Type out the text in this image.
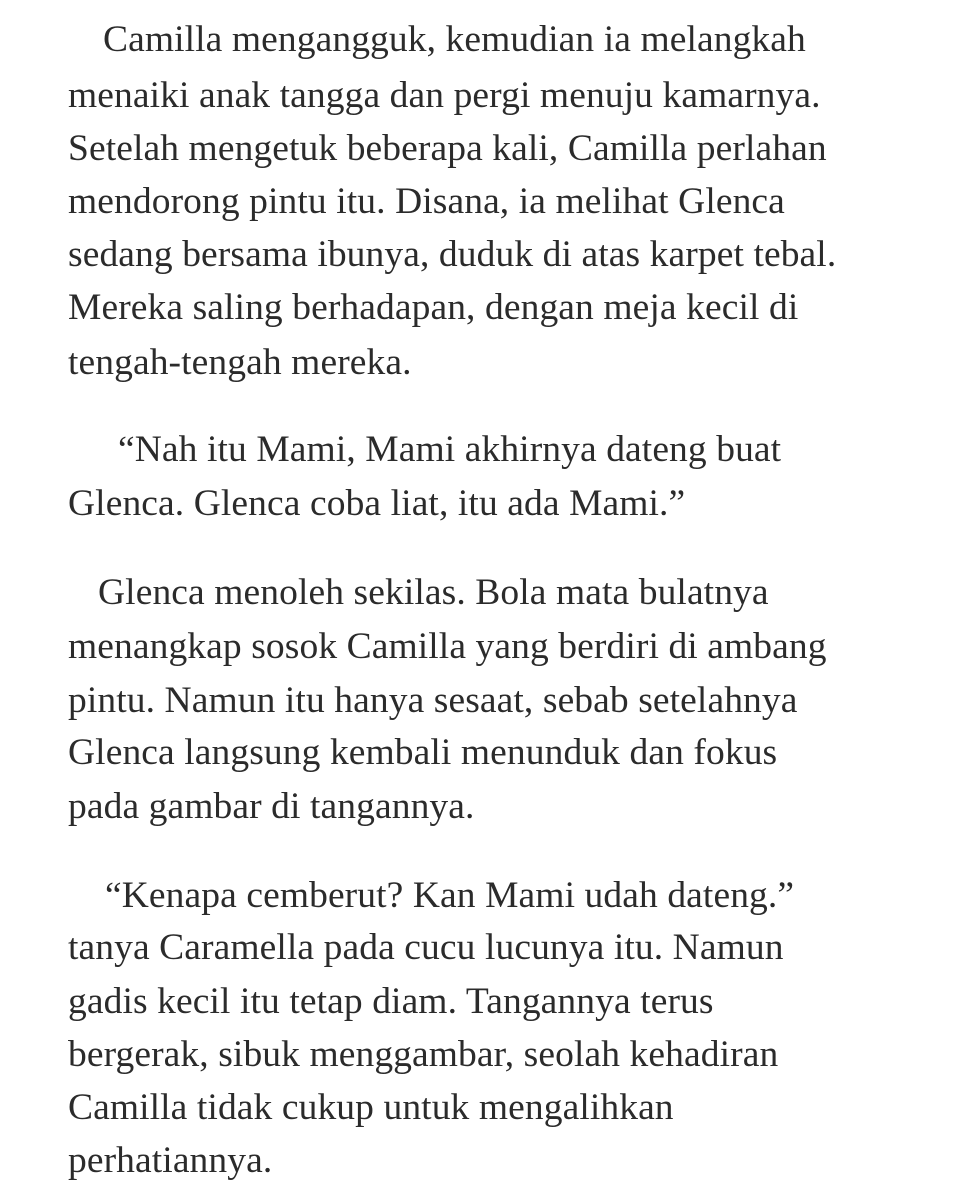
Camilla mengangguk, kemudian ia melangkah

menaiki anak tangga dan pergi menuju kamarnya.

Setelah mengetuk beberapa kali, Camilla perlahan

mendorong pintu itu. Disana, ia melihat Glenca

sedang bersama ibunya, duduk di atas karpet tebal.

Mereka saling berhadapan, dengan meja kecil di

tengah-tengah mereka.

“Nah itu Mami, Mami akhirnya dateng buat

Glenca. Glenca coba liat, itu ada Mami.”

Glenca menoleh sekilas. Bola mata bulatnya

menangkap sosok Camilla yang berdiri di ambang

pintu. Namun itu hanya sesaat, sebab setelahnya

Glenca langsung kembali menunduk dan fokus

pada gambar di tangannya.

“Kenapa cemberut? Kan Mami udah dateng.”

tanya Caramella pada cucu lucunya itu. Namun

gadis kecil itu tetap diam. Tangannya terus

bergerak, sibuk menggambar, seolah kehadiran

Camilla tidak cukup untuk mengalihkan

perhatiannya.
